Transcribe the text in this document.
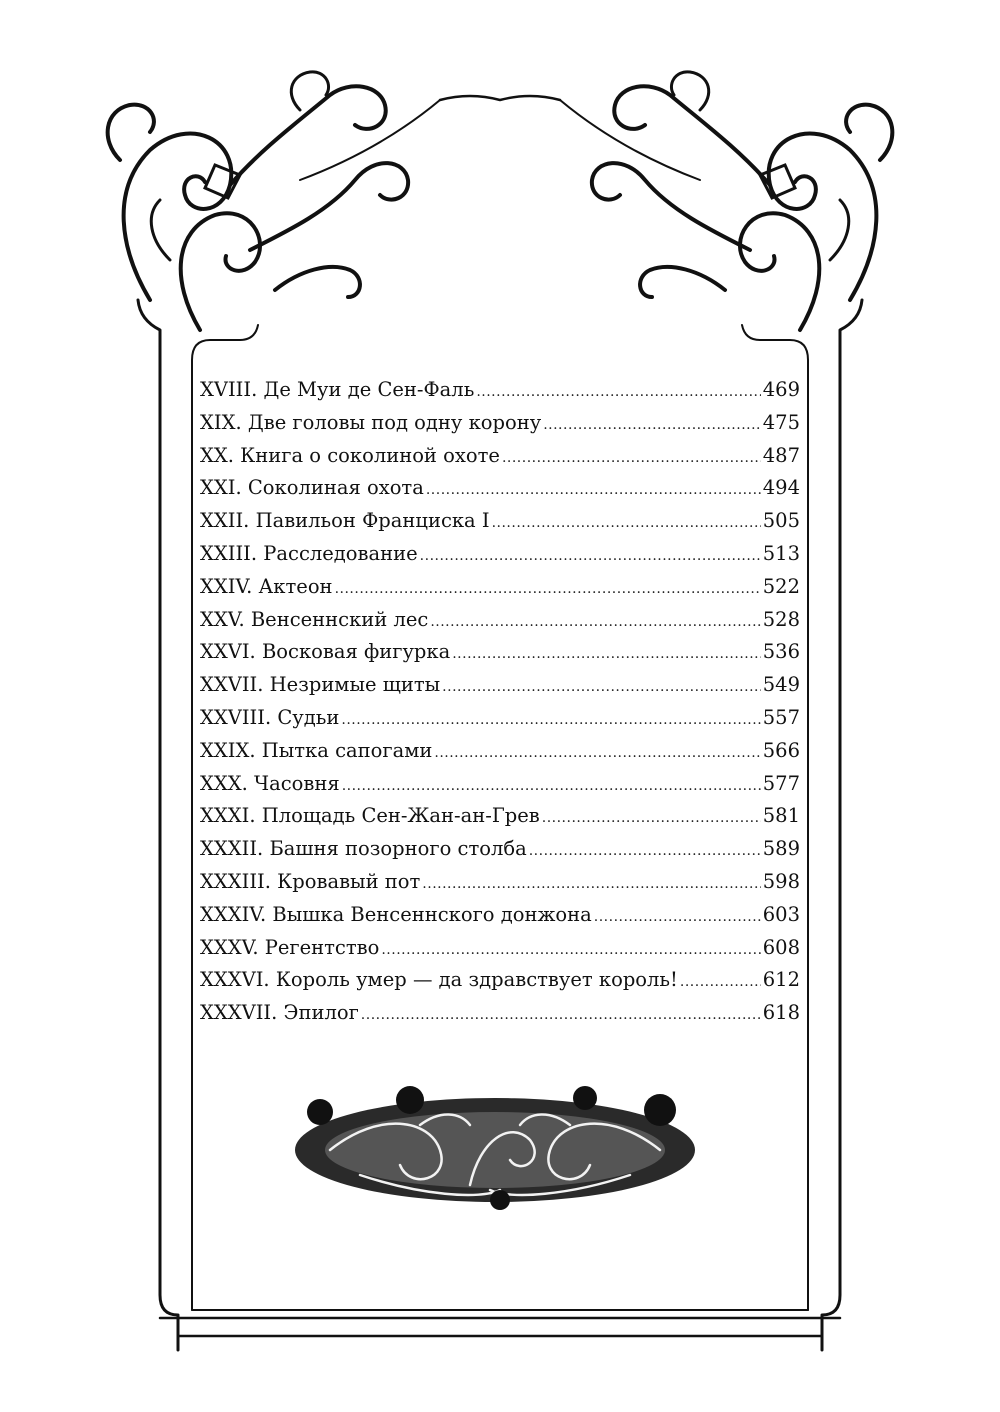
XVIII. Де Муи де Сен-Фаль .....	469
XIX. Две головы под одну корону .....	475
XX. Книга о соколиной охоте .....	487
XXI. Соколиная охота .....	494
XXII. Павильон Франциска I .....	505
XXIII. Расследование .....	513
XXIV. Актеон .....	522
XXV. Венсеннский лес .....	528
XXVI. Восковая фигурка .....	536
XXVII. Незримые щиты .....	549
XXVIII. Судьи .....	557
XXIX. Пытка сапогами .....	566
XXX. Часовня .....	577
XXXI. Площадь Сен-Жан-ан-Грев .....	581
XXXII. Башня позорного столба .....	589
XXXIII. Кровавый пот .....	598
XXXIV. Вышка Венсеннского донжона .....	603
XXXV. Регентство .....	608
XXXVI. Король умер — да здравствует король! .....	612
XXXVII. Эпилог .....	618
